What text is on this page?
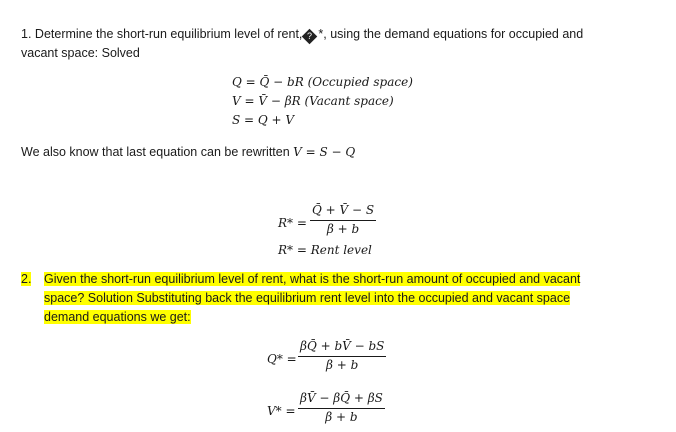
1. Determine the short-run equilibrium level of rent, ? *, using the demand equations for occupied and
vacant space: Solved
Q = Q̄ − bR (Occupied space)
V = V̄ − βR (Vacant space)
S = Q + V
We also know that last equation can be rewritten V = S − Q
$R* = \frac{Q̄ + V̄ - S}{\beta + b}$
R* = Rent level
2.	Given the short-run equilibrium level of rent, what is the short-run amount of occupied and vacant
space? Solution Substituting back the equilibrium rent level into the occupied and vacant space
demand equations we get:
$Q* = \frac{\beta Q̄ + bV̄ - bS}{\beta + b}$
$V* = \frac{\beta V̄ - \beta Q̄ + \beta S}{\beta + b}$
